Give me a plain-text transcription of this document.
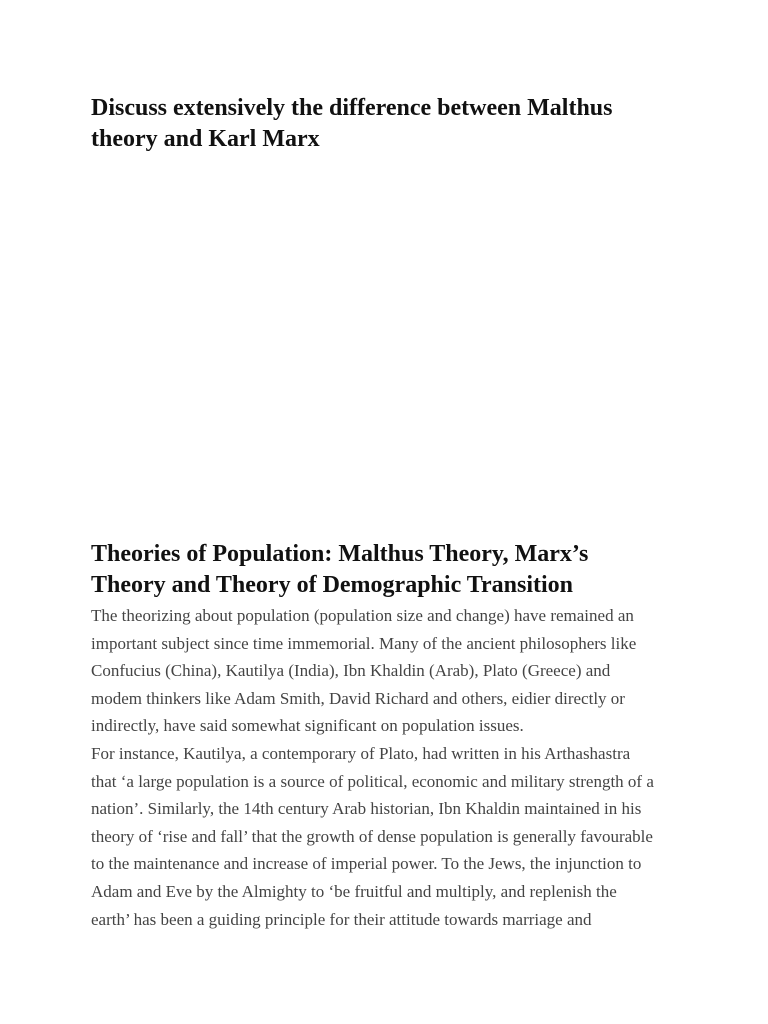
Discuss extensively the difference between Malthus
theory and Karl Marx
Theories of Population: Malthus Theory, Marx’s
Theory and Theory of Demographic Transition
The theorizing about population (population size and change) have remained an
important subject since time immemorial. Many of the ancient philosophers like
Confucius (China), Kautilya (India), Ibn Khaldin (Arab), Plato (Greece) and
modem thinkers like Adam Smith, David Richard and others, eidier directly or
indirectly, have said somewhat significant on population issues.
For instance, Kautilya, a contemporary of Plato, had written in his Arthashastra
that ‘a large population is a source of political, economic and military strength of a
nation’. Similarly, the 14th century Arab historian, Ibn Khaldin maintained in his
theory of ‘rise and fall’ that the growth of dense population is generally favourable
to the maintenance and increase of imperial power. To the Jews, the injunction to
Adam and Eve by the Almighty to ‘be fruitful and multiply, and replenish the
earth’ has been a guiding principle for their attitude towards marriage and
